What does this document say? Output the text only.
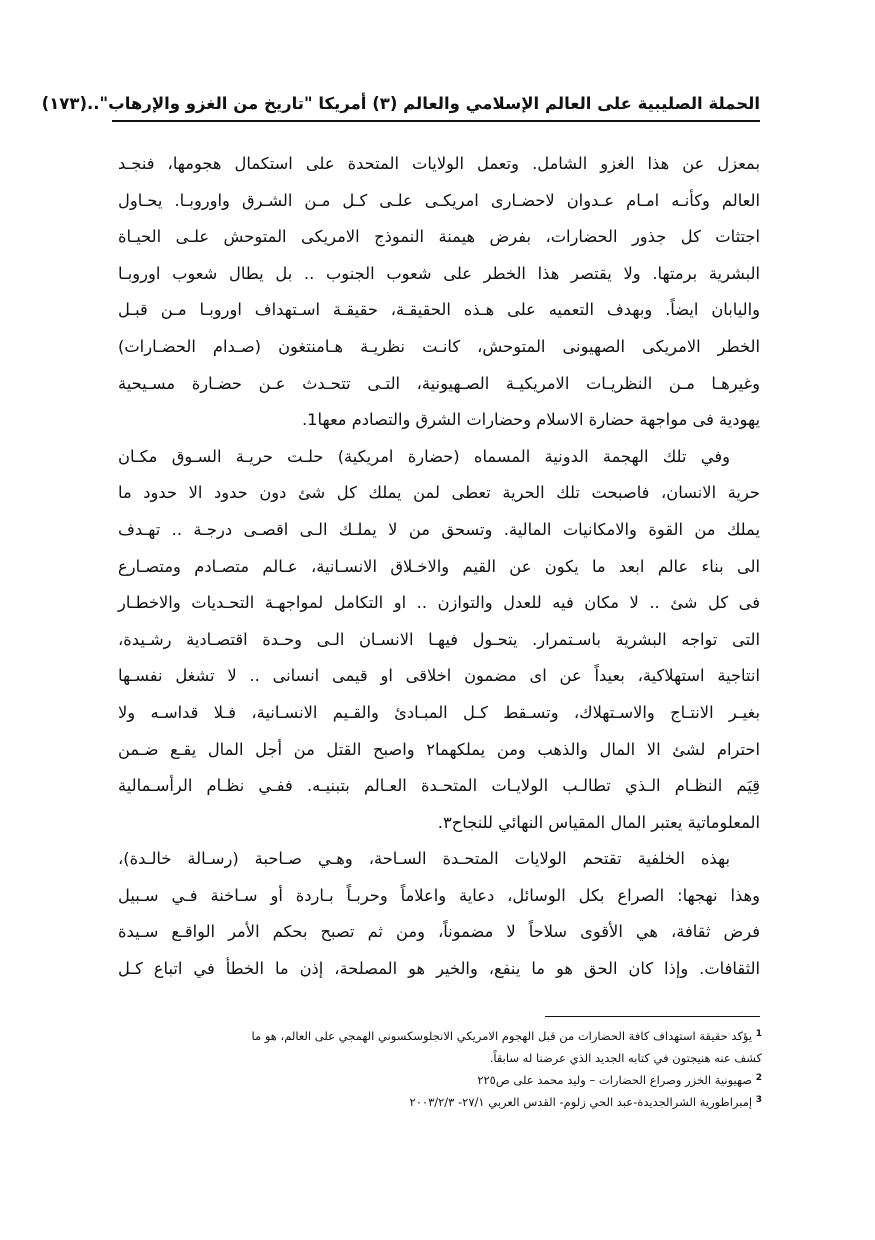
الحملة الصليبية على العالم الإسلامي والعالم (٣) أمريكا "تاريخ من الغزو والإرهاب"..
(١٧٣)
بمعزل عن هذا الغزو الشامل. وتعمل الولايات المتحدة على استكمال هجومها، فنجـد
العالم وكأنـه امـام عـدوان لاحضـارى امريكـى علـى كـل مـن الشـرق واوروبـا. يحـاول
اجتثات كل جذور الحضارات، بفرض هيمنة النموذج الامريكى المتوحش علـى الحيـاة
البشرية برمتها. ولا يقتصر هذا الخطر على شعوب الجنوب .. بل يطال شعوب اوروبـا
واليابان ايضاً. وبهدف التعميه على هـذه الحقيقـة، حقيقـة اسـتهداف اوروبـا مـن قبـل
الخطر الامريكى الصهيونى المتوحش، كانـت نظريـة هـامنتغون (صـدام الحضـارات)
وغيرهـا مـن النظريـات الامريكيـة الصـهيونية، التـى تتحـدث عـن حضـارة مسـيحية
يهودية فى مواجهة حضارة الاسلام وحضارات الشرق والتصادم معها1.
وفي تلك الهجمة الدونية المسماه (حضارة امريكية) حلـت حريـة السـوق مكـان
حرية الانسان، فاصبحت تلك الحرية تعطى لمن يملك كل شئ دون حدود الا حدود ما
يملك من القوة والامكانيات المالية. وتسحق من لا يملـك الـى اقصـى درجـة .. تهـدف
الى بناء عالم ابعد ما يكون عن القيم والاخـلاق الانسـانية، عـالم متصـادم ومتصـارع
فى كل شئ .. لا مكان فيه للعدل والتوازن .. او التكامل لمواجهـة التحـديات والاخطـار
التى تواجه البشرية باسـتمرار. يتحـول فيهـا الانسـان الـى وحـدة اقتصـادية رشـيدة،
انتاجية استهلاكية، بعيداً عن اى مضمون اخلاقى او قيمى انسانى .. لا تشغل نفسـها
بغيـر الانتـاج والاسـتهلاك، وتسـقط كـل المبـادئ والقـيم الانسـانية، فـلا قداسـه ولا
احترام لشئ الا المال والذهب ومن يملكهما٢ واصبح القتل من أجل المال يقـع ضـمن
قِيَم النظـام الـذي تطالـب الولايـات المتحـدة العـالم بتبنيـه. ففـي نظـام الرأسـمالية
المعلوماتية يعتبر المال المقياس النهائي للنجاح٣.
بهذه الخلفية تقتحم الولايات المتحـدة السـاحة، وهـي صـاحبة (رسـالة خالـدة)،
وهذا نهجها: الصراع بكل الوسائل، دعاية واعلاماً وحربـاً بـاردة أو سـاخنة فـي سـبيل
فرض ثقافة، هي الأقوى سلاحاً لا مضموناً، ومن ثم تصبح بحكم الأمر الواقـع سـيدة
الثقافات. وإذا كان الحق هو ما ينفع، والخير هو المصلحة، إذن ما الخطأ في اتباع كـل
$^1$ يؤكد حقيقة استهداف كافة الحضارات من قبل الهجوم الامريكي الانجلوسكسوني الهمجي على العالم، هو ما
كشف عنه هنيجتون في كتابه الجديد الذي عرضنا له سابقاً.
$^2$ صهيونية الخزر وصراع الحضارات – وليد محمد على ص٢٢٥
$^3$ إمبراطورية الشرالجديدة-عبد الحي زلوم- القدس العربي ٢٧/١- ٢٠٠٣/٢/٣
